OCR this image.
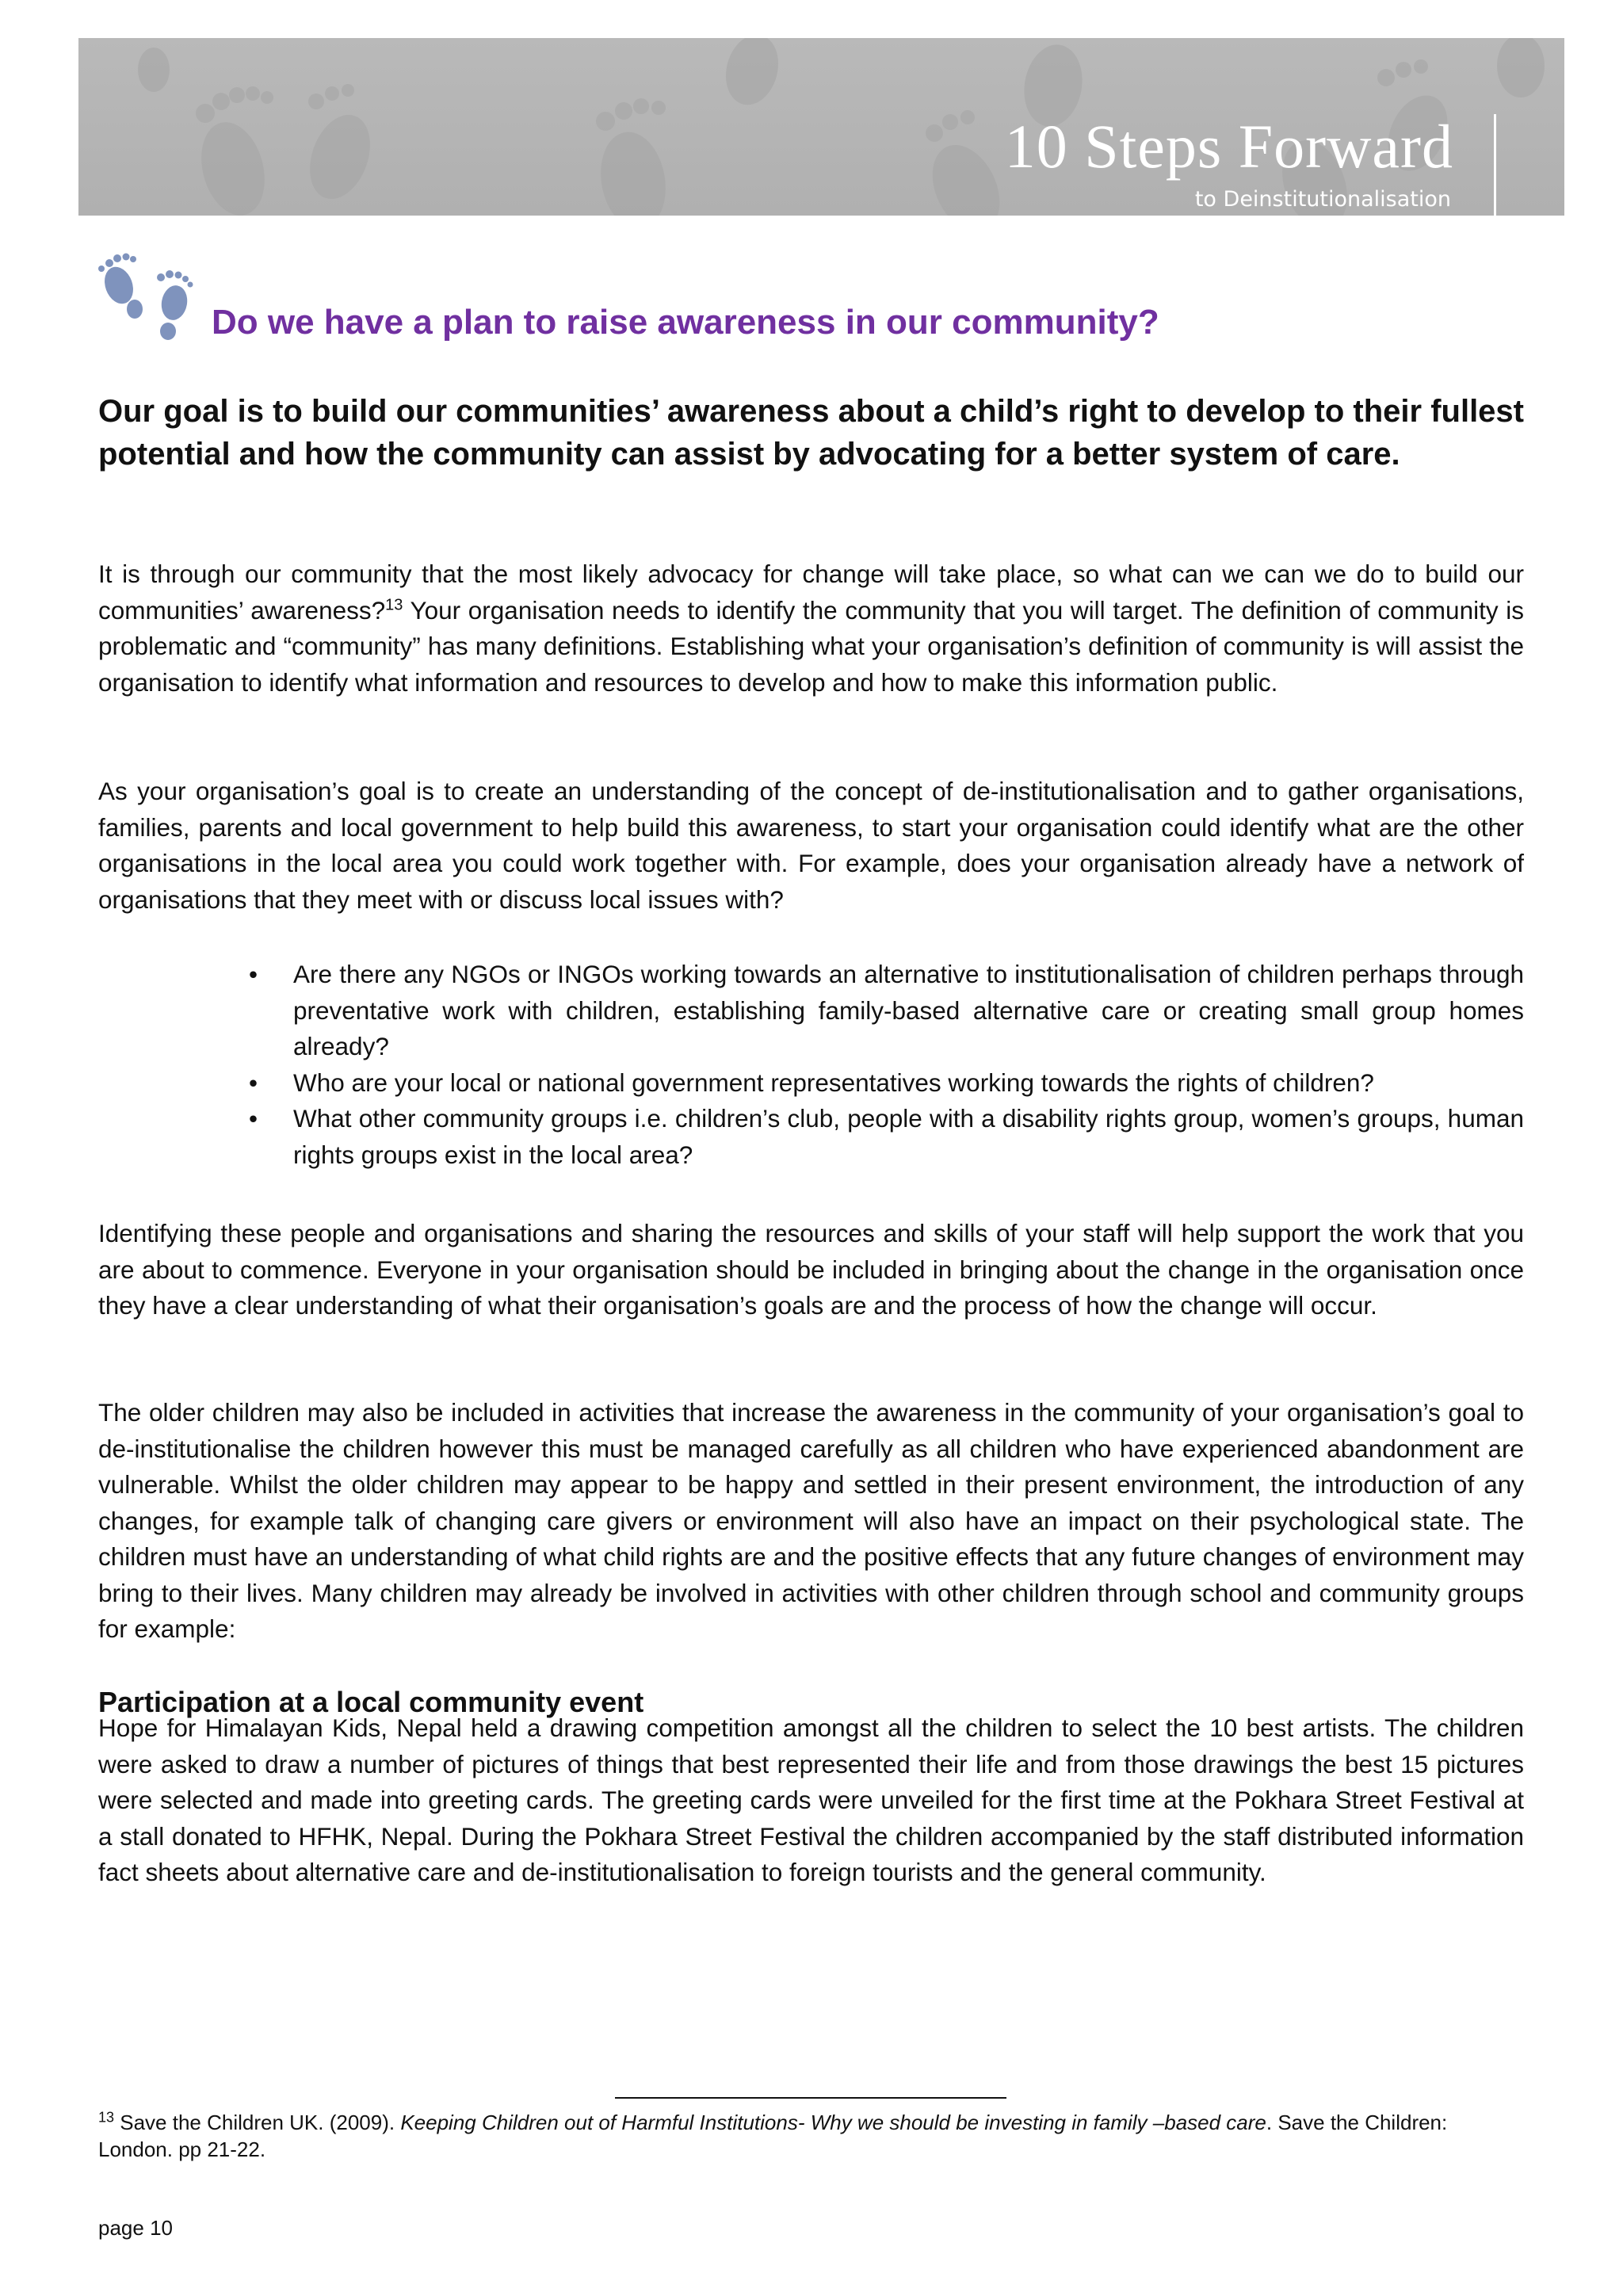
10 Steps Forward
to Deinstitutionalisation
Do we have a plan to raise awareness in our community?

Our goal is to build our communities’ awareness about a child’s right to develop to their fullest potential and how the community can assist by advocating for a better system of care.

It is through our community that the most likely advocacy for change will take place, so what can we can we do to build our communities’ awareness?$^{13}$ Your organisation needs to identify the community that you will target. The definition of community is problematic and “community” has many definitions. Establishing what your organisation’s definition of community is will assist the organisation to identify what information and resources to develop and how to make this information public.

As your organisation’s goal is to create an understanding of the concept of de-institutionalisation and to gather organisations, families, parents and local government to help build this awareness, to start your organisation could identify what are the other organisations in the local area you could work together with. For example, does your organisation already have a network of organisations that they meet with or discuss local issues with?

• Are there any NGOs or INGOs working towards an alternative to institutionalisation of children perhaps through preventative work with children, establishing family-based alternative care or creating small group homes already?
• Who are your local or national government representatives working towards the rights of children?
• What other community groups i.e. children’s club, people with a disability rights group, women’s groups, human rights groups exist in the local area?

Identifying these people and organisations and sharing the resources and skills of your staff will help support the work that you are about to commence. Everyone in your organisation should be included in bringing about the change in the organisation once they have a clear understanding of what their organisation’s goals are and the process of how the change will occur.

The older children may also be included in activities that increase the awareness in the community of your organisation’s goal to de-institutionalise the children however this must be managed carefully as all children who have experienced abandonment are vulnerable. Whilst the older children may appear to be happy and settled in their present environment, the introduction of any changes, for example talk of changing care givers or environment will also have an impact on their psychological state. The children must have an understanding of what child rights are and the positive effects that any future changes of environment may bring to their lives. Many children may already be involved in activities with other children through school and community groups for example:

Participation at a local community event

Hope for Himalayan Kids, Nepal held a drawing competition amongst all the children to select the 10 best artists. The children were asked to draw a number of pictures of things that best represented their life and from those drawings the best 15 pictures were selected and made into greeting cards. The greeting cards were unveiled for the first time at the Pokhara Street Festival at a stall donated to HFHK, Nepal. During the Pokhara Street Festival the children accompanied by the staff distributed information fact sheets about alternative care and de-institutionalisation to foreign tourists and the general community.

$^{13}$ Save the Children UK. (2009). Keeping Children out of Harmful Institutions- Why we should be investing in family –based care. Save the Children: London. pp 21-22.
page 10
